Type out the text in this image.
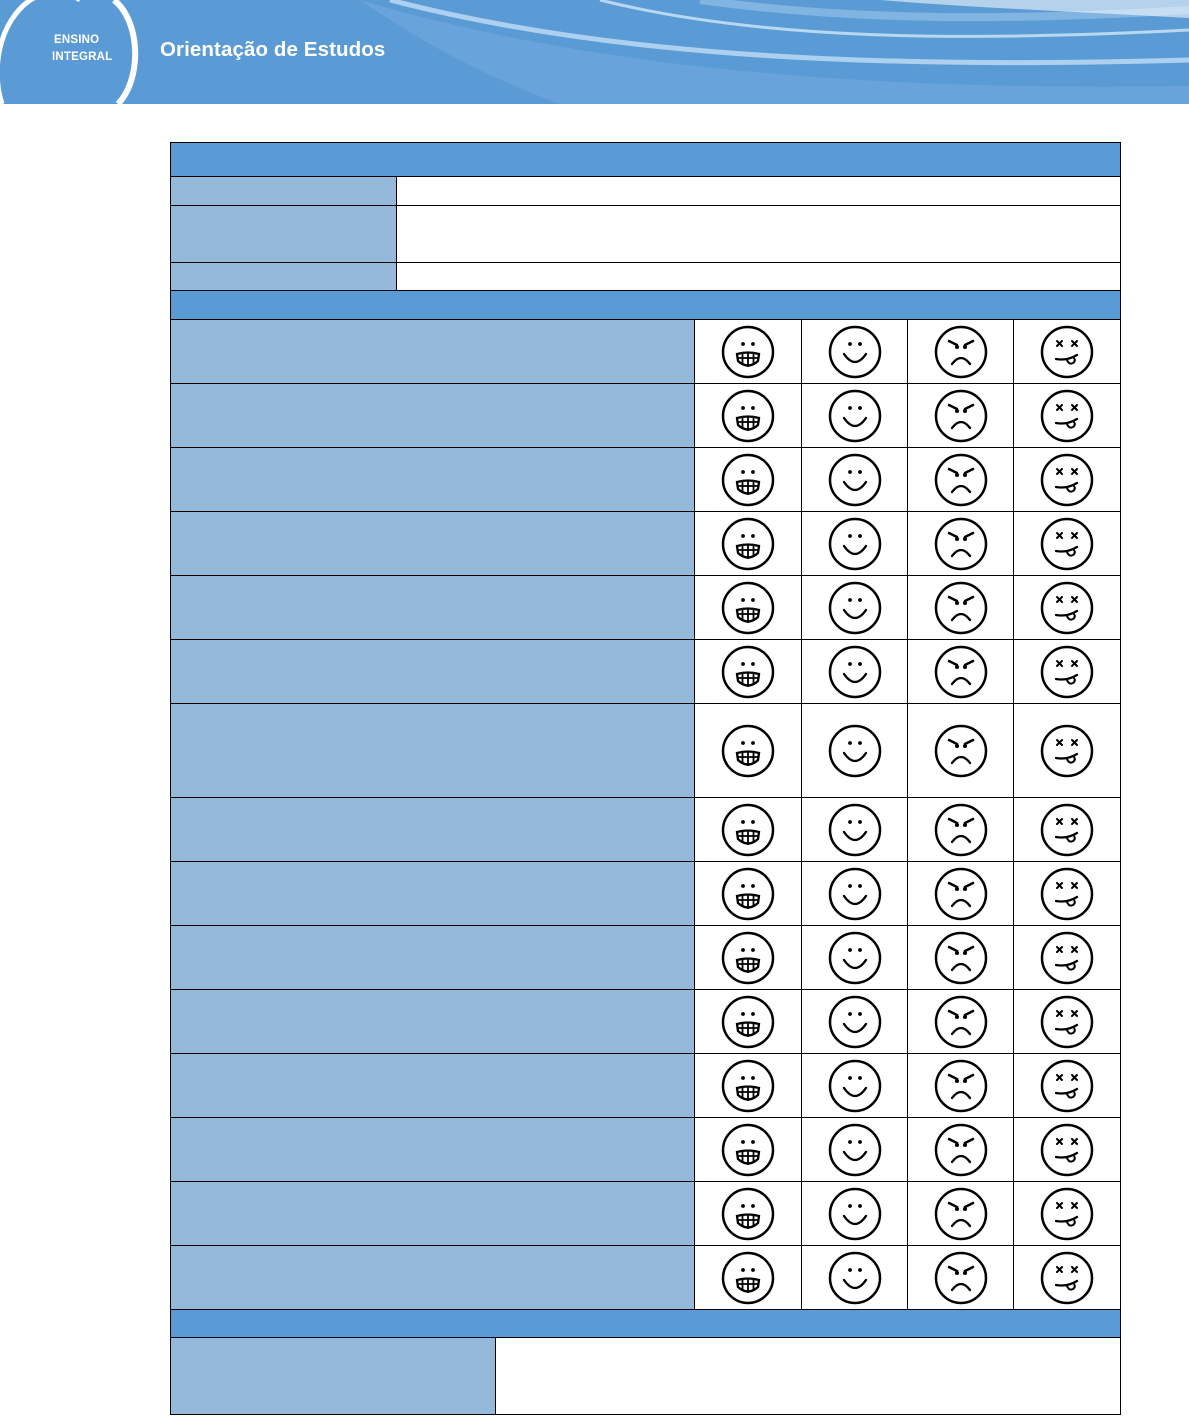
ENSINO
INTEGRAL Orientação de Estudos
